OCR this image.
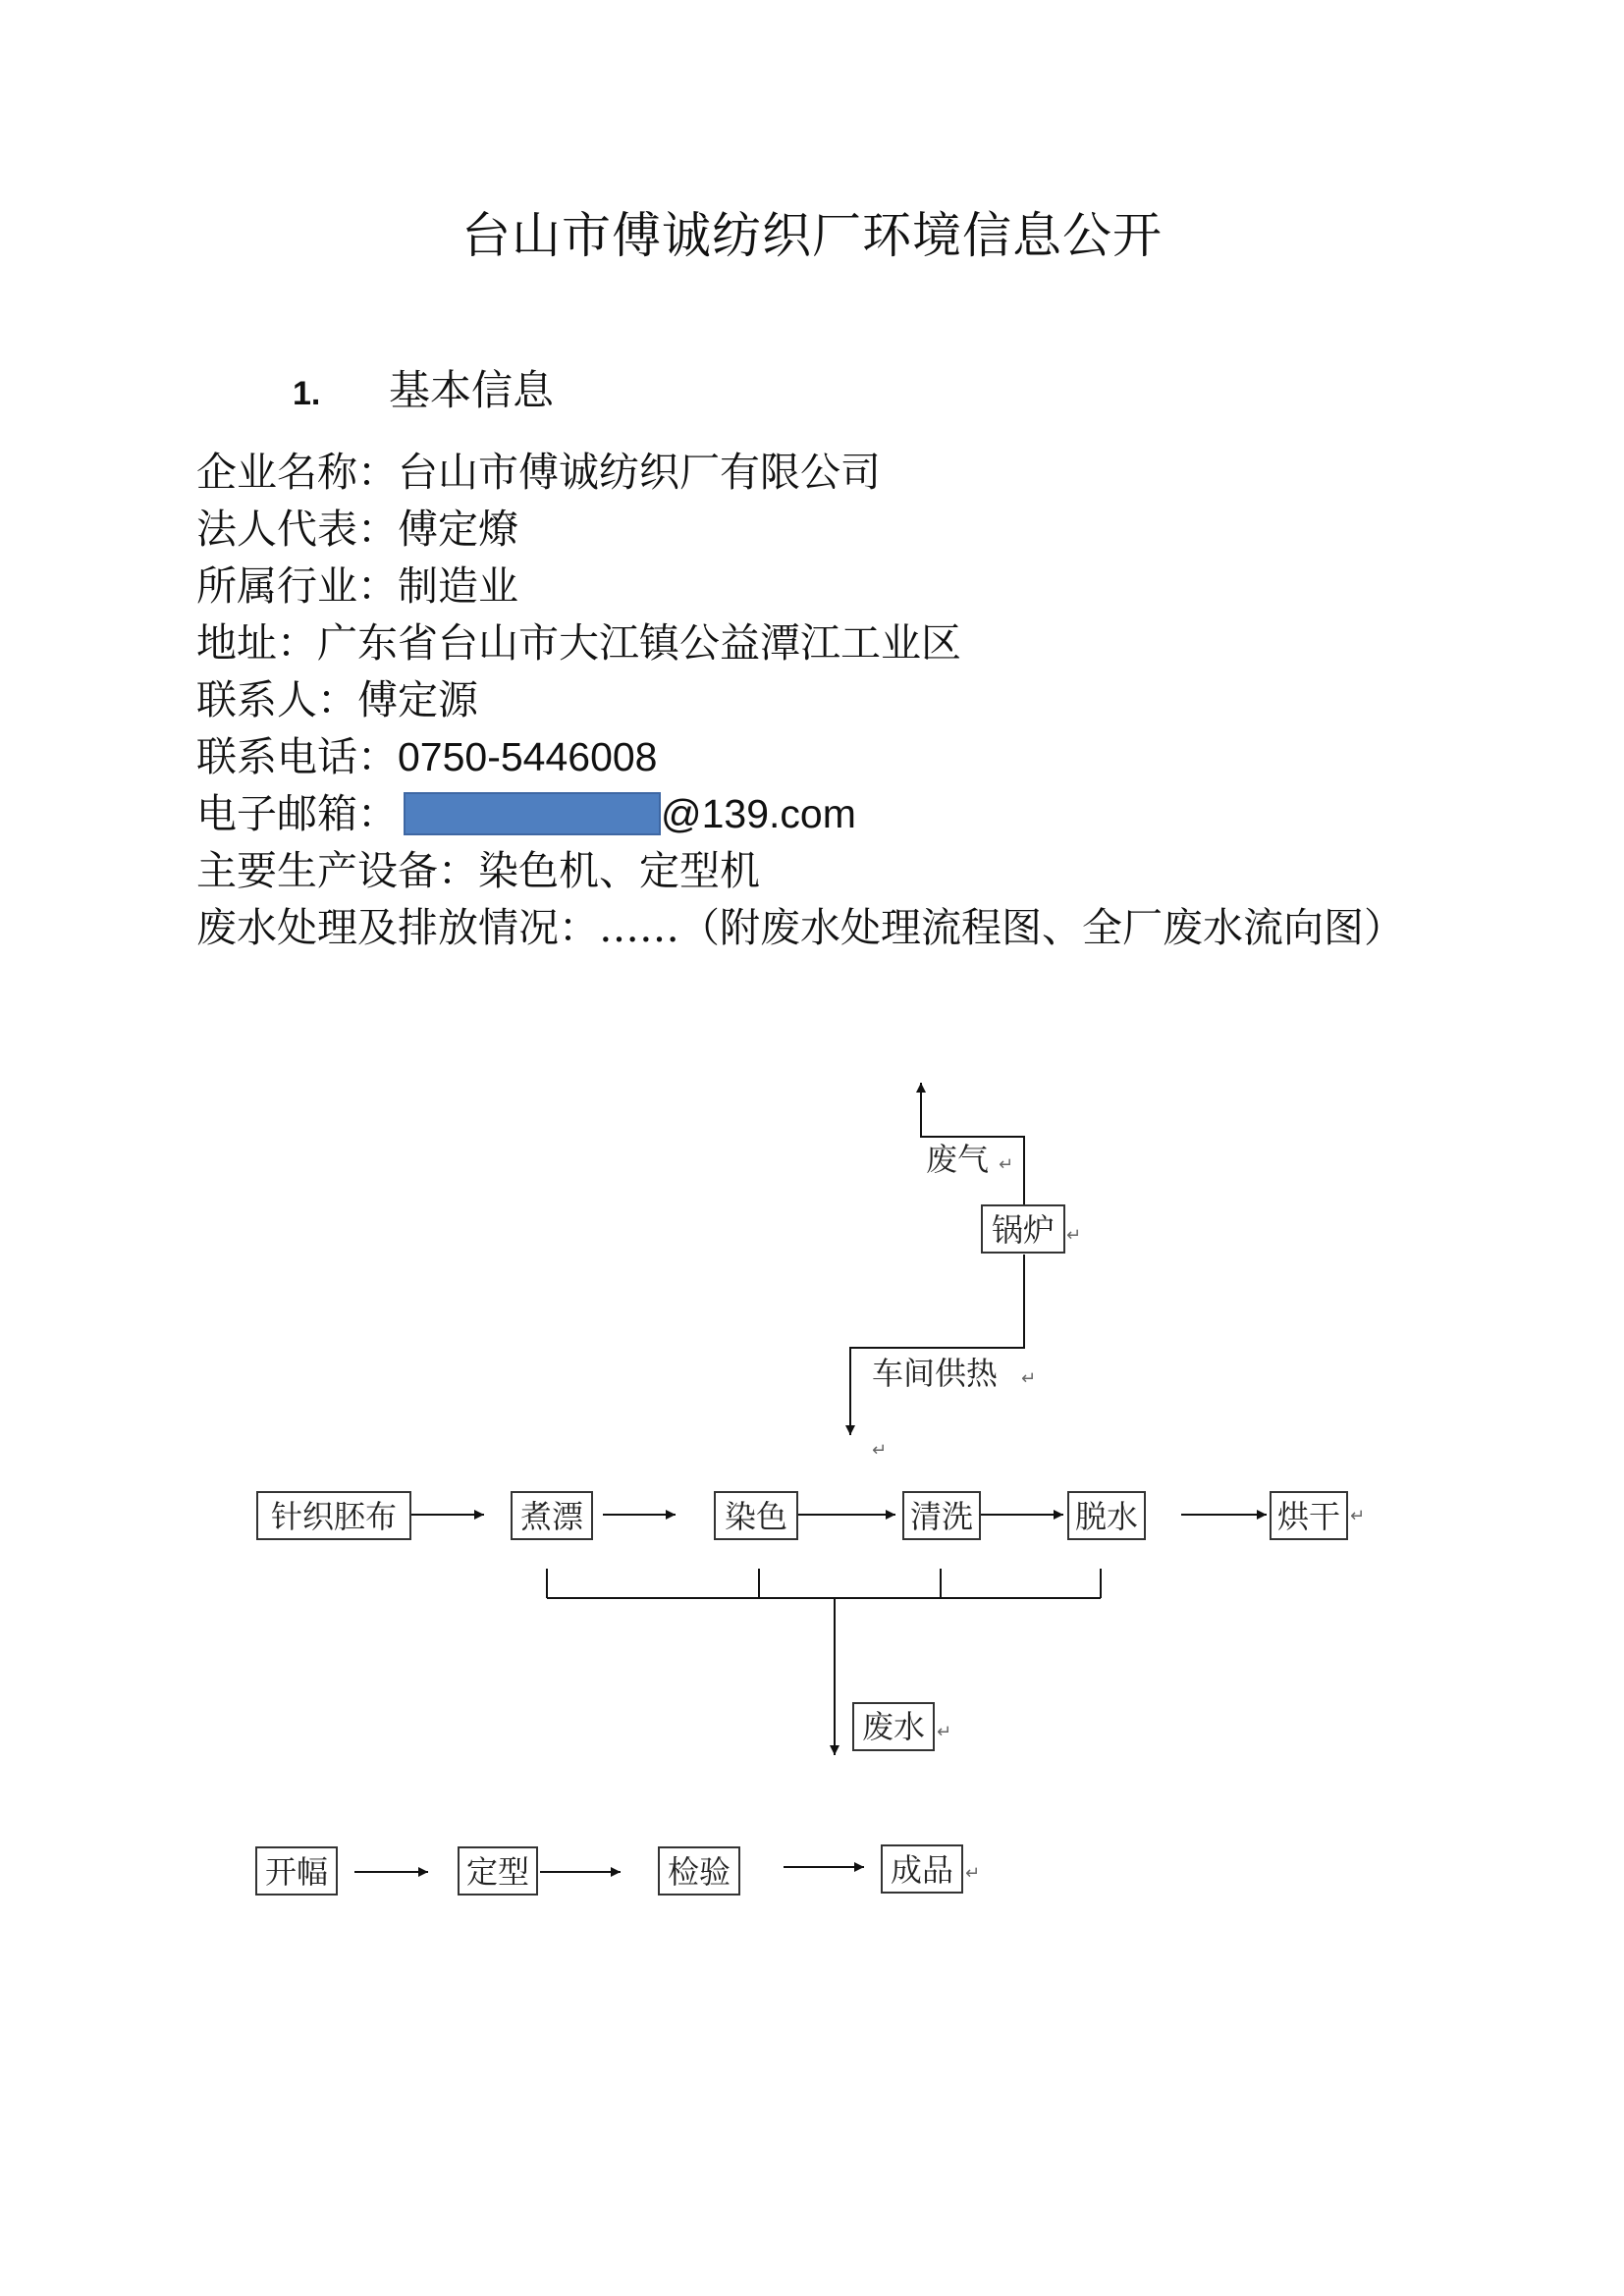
台山市傅诚纺织厂环境信息公开
1. 基本信息
企业名称：台山市傅诚纺织厂有限公司
法人代表：傅定燎
所属行业：制造业
地址：广东省台山市大江镇公益潭江工业区
联系人：傅定源
联系电话：0750-5446008
电子邮箱：	@139.com
主要生产设备：染色机、定型机
废水处理及排放情况：……（附废水处理流程图、全厂废水流向图）
废气 ↵
锅炉 ↵
车间供热 ↵
↵
针织胚布	煮漂	染色	清洗	脱水	烘干 ↵
废水 ↵
开幅	定型	检验	成品 ↵
